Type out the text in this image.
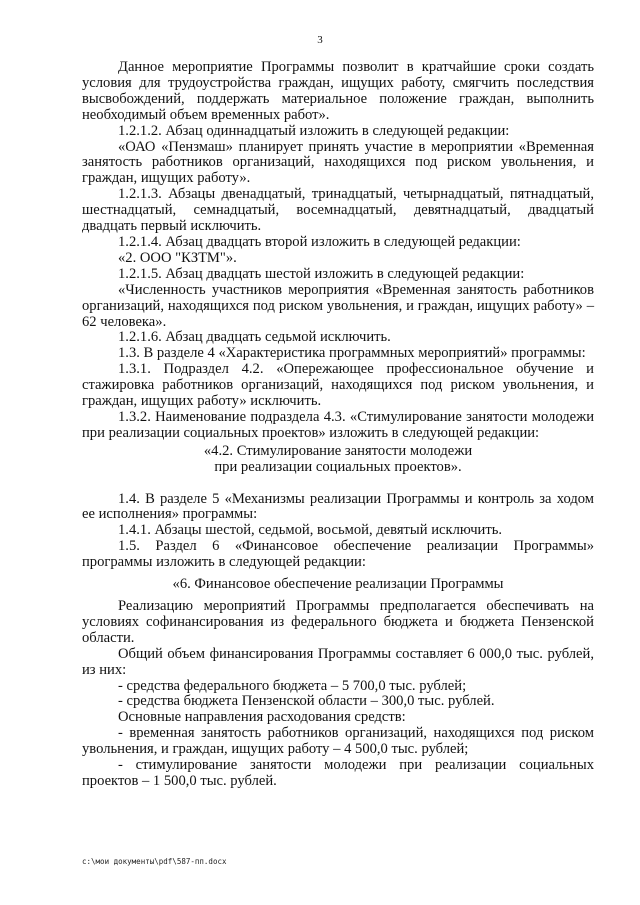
3

Данное мероприятие Программы позволит в кратчайшие сроки создать условия для трудоустройства граждан, ищущих работу, смягчить последствия высвобождений, поддержать материальное положение граждан, выполнить необходимый объем временных работ».

1.2.1.2. Абзац одиннадцатый изложить в следующей редакции:

«ОАО «Пензмаш» планирует принять участие в мероприятии «Временная занятость работников организаций, находящихся под риском увольнения, и граждан, ищущих работу».

1.2.1.3. Абзацы двенадцатый, тринадцатый, четырнадцатый, пятнадцатый, шестнадцатый, семнадцатый, восемнадцатый, девятнадцатый, двадцатый двадцать первый исключить.

1.2.1.4. Абзац двадцать второй изложить в следующей редакции:

«2. ООО "КЗТМ"».

1.2.1.5. Абзац двадцать шестой изложить в следующей редакции:

«Численность участников мероприятия «Временная занятость работников организаций, находящихся под риском увольнения, и граждан, ищущих работу» – 62 человека».

1.2.1.6. Абзац двадцать седьмой исключить.

1.3. В разделе 4 «Характеристика программных мероприятий» программы:

1.3.1. Подраздел 4.2. «Опережающее профессиональное обучение и стажировка работников организаций, находящихся под риском увольнения, и граждан, ищущих работу» исключить.

1.3.2. Наименование подраздела 4.3. «Стимулирование занятости молодежи при реализации социальных проектов» изложить в следующей редакции:

«4.2. Стимулирование занятости молодежи

при реализации социальных проектов».

1.4. В разделе 5 «Механизмы реализации Программы и контроль за ходом ее исполнения» программы:

1.4.1. Абзацы шестой, седьмой, восьмой, девятый исключить.

1.5. Раздел 6 «Финансовое обеспечение реализации Программы» программы изложить в следующей редакции:

«6. Финансовое обеспечение реализации Программы

Реализацию мероприятий Программы предполагается обеспечивать на условиях софинансирования из федерального бюджета и бюджета Пензенской области.

Общий объем финансирования Программы составляет 6 000,0 тыс. рублей, из них:

- средства федерального бюджета – 5 700,0 тыс. рублей;

- средства бюджета Пензенской области – 300,0 тыс. рублей.

Основные направления расходования средств:

- временная занятость работников организаций, находящихся под риском увольнения, и граждан, ищущих работу – 4 500,0 тыс. рублей;

- стимулирование занятости молодежи при реализации социальных проектов – 1 500,0 тыс. рублей.

c:\мои документы\pdf\587-пп.docx
